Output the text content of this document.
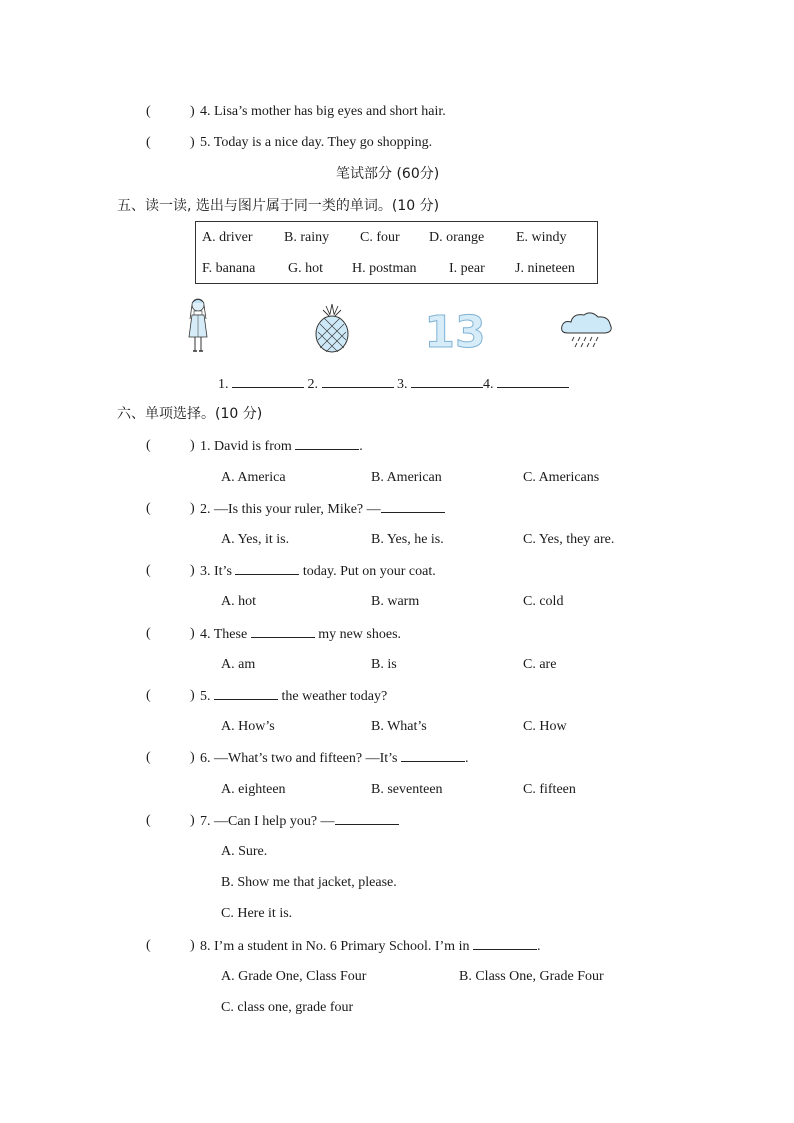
(	) 4. Lisa’s mother has big eyes and short hair.
(	) 5. Today is a nice day. They go shopping.
笔试部分 (60分)
五、读一读, 选出与图片属于同一类的单词。(10 分)
A. driver B. rainy C. four D. orange E. windy
F. banana G. hot H. postman I. pear J. nineteen
13
1.	2.	3.	4.
六、单项选择。(10 分)
(	) 1. David is from	.
A. America	B. American	C. Americans
(	) 2. —Is this your ruler, Mike? —
A. Yes, it is.	B. Yes, he is.	C. Yes, they are.
(	) 3. It’s	today. Put on your coat.
A. hot	B. warm	C. cold
(	) 4. These	my new shoes.
A. am	B. is	C. are
(	) 5.	the weather today?
A. How’s	B. What’s	C. How
(	) 6. —What’s two and fifteen? —It’s	.
A. eighteen	B. seventeen	C. fifteen
(	) 7. —Can I help you? —
A. Sure.
B. Show me that jacket, please.
C. Here it is.
(	) 8. I’m a student in No. 6 Primary School. I’m in	.
A. Grade One, Class Four	B. Class One, Grade Four
C. class one, grade four
